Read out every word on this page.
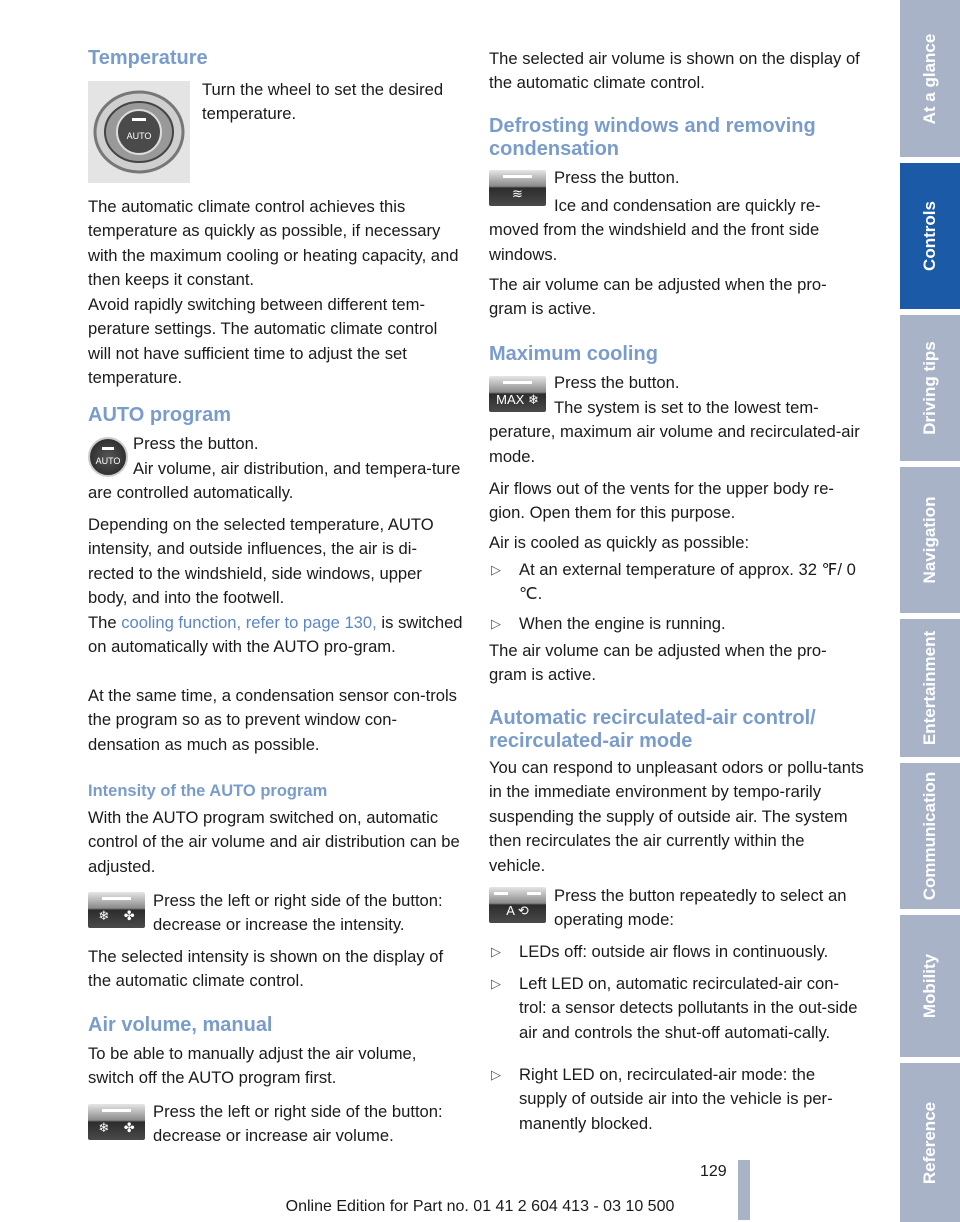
Temperature
AUTO

Turn the wheel to set the desired temperature.

The automatic climate control achieves this temperature as quickly as possible, if necessary with the maximum cooling or heating capacity, and then keeps it constant.

Avoid rapidly switching between different tem-perature settings. The automatic climate control will not have sufficient time to adjust the set temperature.

AUTO program
AUTO

Press the button.

Air volume, air distribution, and tempera-ture are controlled automatically.

Depending on the selected temperature, AUTO intensity, and outside influences, the air is di-rected to the windshield, side windows, upper body, and into the footwell.

The cooling function, refer to page 130, is switched on automatically with the AUTO pro-gram.

At the same time, a condensation sensor con-trols the program so as to prevent window con-densation as much as possible.

Intensity of the AUTO program

With the AUTO program switched on, automatic control of the air volume and air distribution can be adjusted.

❄    ✤

Press the left or right side of the button: decrease or increase the intensity.

The selected intensity is shown on the display of the automatic climate control.

Air volume, manual

To be able to manually adjust the air volume, switch off the AUTO program first.

❄    ✤

Press the left or right side of the button: decrease or increase air volume.

The selected air volume is shown on the display of the automatic climate control.

Defrosting windows and removing condensation
≋

Press the button.

Ice and condensation are quickly re-moved from the windshield and the front side windows.

The air volume can be adjusted when the pro-gram is active.

Maximum cooling
MAX ❄

Press the button.

The system is set to the lowest tem-perature, maximum air volume and recirculated-air mode.

Air flows out of the vents for the upper body re-gion. Open them for this purpose.

Air is cooled as quickly as possible:

▷ At an external temperature of approx. 32 ℉/ 0 ℃.
▷ When the engine is running.

The air volume can be adjusted when the pro-gram is active.

Automatic recirculated-air control/ recirculated-air mode

You can respond to unpleasant odors or pollu-tants in the immediate environment by tempo-rarily suspending the supply of outside air. The system then recirculates the air currently within the vehicle.

A ⟲

Press the button repeatedly to select an operating mode:

▷ LEDs off: outside air flows in continuously.
▷ Left LED on, automatic recirculated-air con-trol: a sensor detects pollutants in the out-side air and controls the shut-off automati-cally.
▷ Right LED on, recirculated-air mode: the supply of outside air into the vehicle is per-manently blocked.
At a glance
Controls
Driving tips
Navigation
Entertainment
Communication
Mobility
Reference
129
Online Edition for Part no. 01 41 2 604 413 - 03 10 500
